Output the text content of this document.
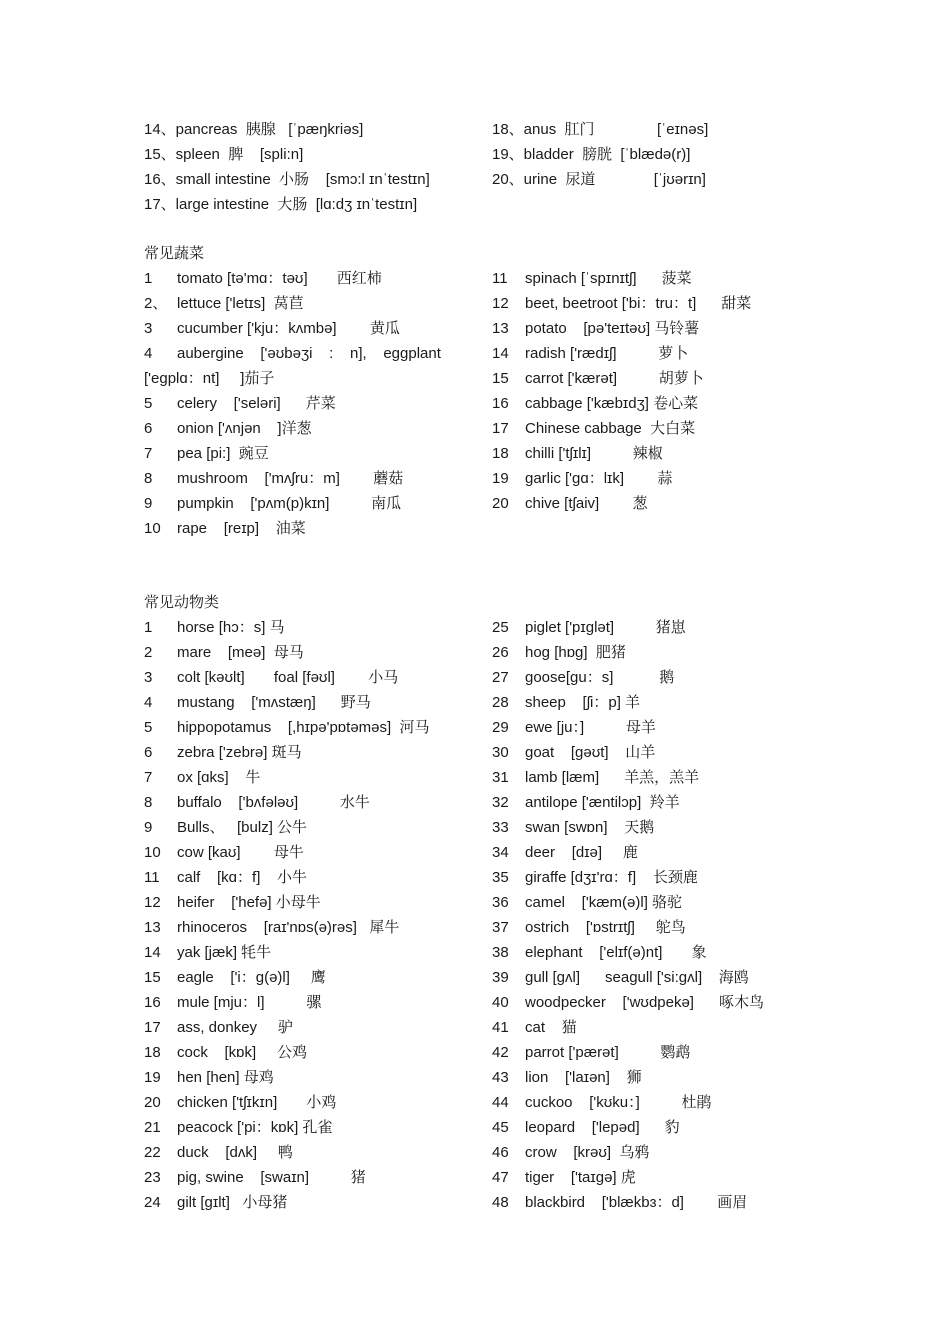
14、pancreas  胰腺   [ˈpæŋkriəs]
15、spleen  脾    [spli:n]
16、small intestine  小肠    [smɔ:l ɪnˈtestɪn]
17、large intestine  大肠  [lɑ:dʒ ɪnˈtestɪn]
18、anus  肛门               [ˈeɪnəs]
19、bladder  膀胱  [ˈblædə(r)]
20、urine  尿道              [ˈjʊərɪn]
常见蔬菜
1 tomato [tə'mɑ：təʊ]       西红柿
2、 lettuce ['letɪs]  莴苣
3 cucumber ['kju：kʌmbə]        黄瓜
4 aubergine    ['əʊbəʒi    :    n],    eggplant
['egplɑ：nt]     ]茄子
5 celery    ['seləri]      芹菜
6 onion ['ʌnjən    ]洋葱
7 pea [pi:]  豌豆
8 mushroom    ['mʌʃru：m]        蘑菇
9 pumpkin    ['pʌm(p)kɪn]          南瓜
10 rape    [reɪp]    油菜
11 spinach [ˈspɪnɪtʃ]      菠菜
12 beet, beetroot ['bi：tru：t]      甜菜
13 potato    [pə'teɪtəʊ] 马铃薯
14 radish ['rædɪʃ]          萝卜
15 carrot ['kærət]          胡萝卜
16 cabbage ['kæbɪdʒ] 卷心菜
17 Chinese cabbage  大白菜
18 chilli ['tʃɪlɪ]          辣椒
19 garlic ['gɑ：lɪk]        蒜
20 chive [tʃaiv]        葱
常见动物类
1 horse [hɔ：s] 马
2 mare    [meə]  母马
3 colt [kəʊlt]       foal [fəʊl]        小马
4 mustang    ['mʌstæŋ]      野马
5 hippopotamus    [,hɪpə'pɒtəməs]  河马
6 zebra ['zebrə] 斑马
7 ox [ɑks]    牛
8 buffalo    ['bʌfələʊ]          水牛
9 Bulls、   [bulz] 公牛
10 cow [kaʊ]        母牛
11 calf    [kɑ：f]    小牛
12 heifer    ['hefə] 小母牛
13 rhinoceros    [raɪ'nɒs(ə)rəs]   犀牛
14 yak [jæk] 牦牛
15 eagle    ['i：g(ə)l]     鹰
16 mule [mju：l]          骡
17 ass, donkey     驴
18 cock    [kɒk]     公鸡
19 hen [hen] 母鸡
20 chicken ['tʃɪkɪn]       小鸡
21 peacock ['pi：kɒk] 孔雀
22 duck    [dʌk]     鸭
23 pig, swine    [swaɪn]          猪
24 gilt [gɪlt]   小母猪
25 piglet ['pɪglət]          猪崽
26 hog [hɒg]  肥猪
27 goose[gu：s]           鹅
28 sheep    [ʃi：p] 羊
29 ewe [ju：]          母羊
30 goat    [gəʊt]    山羊
31 lamb [læm]      羊羔，羔羊
32 antilope ['æntilɔp]  羚羊
33 swan [swɒn]    天鹅
34 deer    [dɪə]     鹿
35 giraffe [dʒɪ'rɑ：f]    长颈鹿
36 camel    ['kæm(ə)l] 骆驼
37 ostrich    ['ɒstrɪtʃ]     鸵鸟
38 elephant    ['elɪf(ə)nt]       象
39 gull [gʌl]      seagull ['si:gʌl]    海鸥
40 woodpecker    ['wʊdpekə]      啄木鸟
41 cat    猫
42 parrot ['pærət]          鹦鹉
43 lion    ['laɪən]    狮
44 cuckoo    ['kʊku：]          杜鹃
45 leopard    ['lepəd]      豹
46 crow    [krəʊ]  乌鸦
47 tiger    ['taɪgə] 虎
48 blackbird    ['blækbɜ：d]        画眉
